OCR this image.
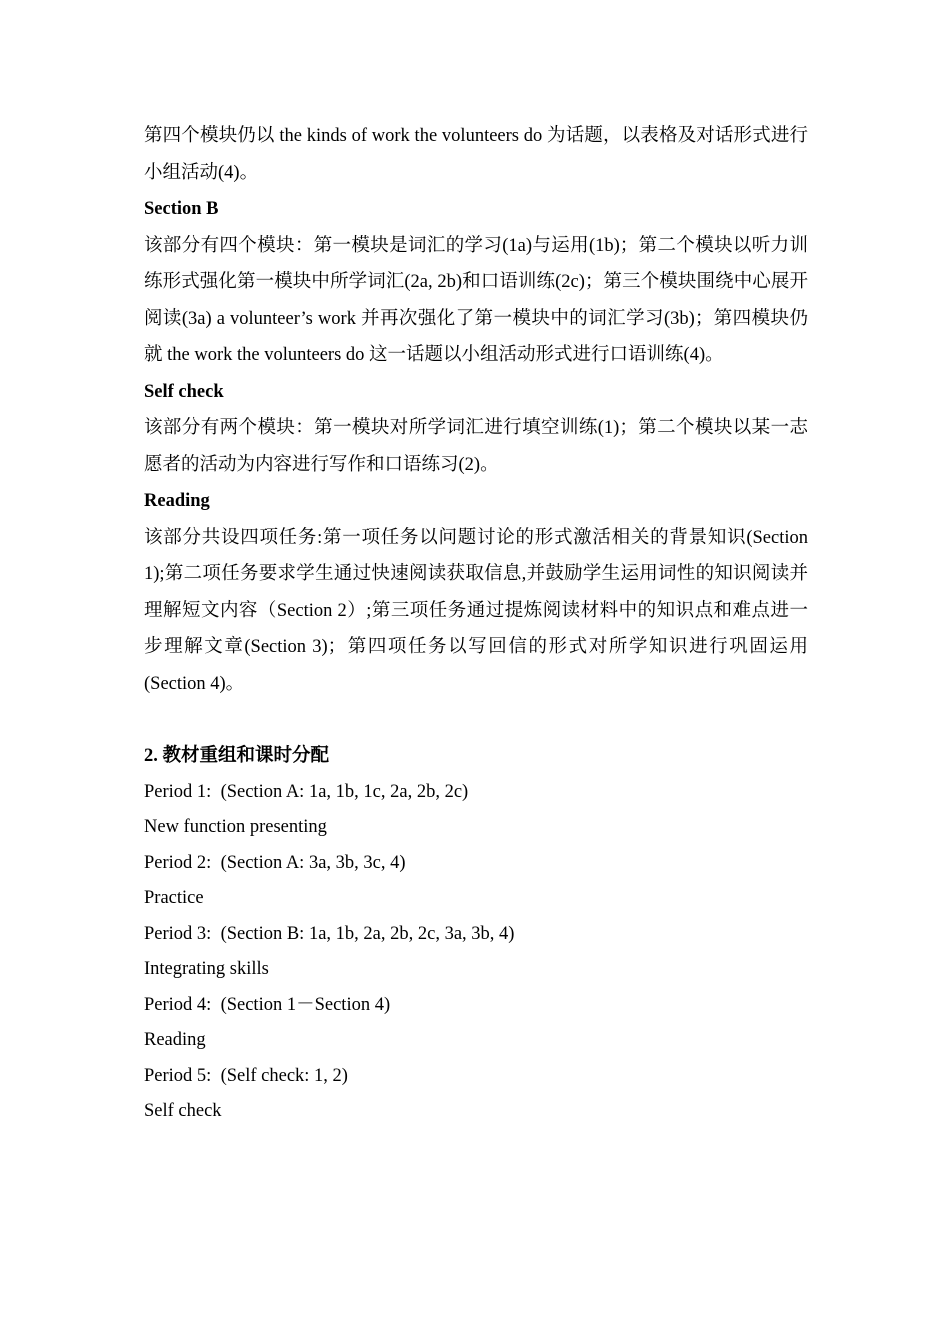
第四个模块仍以 the kinds of work the volunteers do 为话题，以表格及对话形式进行小组活动(4)。

Section B

该部分有四个模块：第一模块是词汇的学习(1a)与运用(1b)；第二个模块以听力训练形式强化第一模块中所学词汇(2a, 2b)和口语训练(2c)；第三个模块围绕中心展开阅读(3a) a volunteer’s work 并再次强化了第一模块中的词汇学习(3b)；第四模块仍就 the work the volunteers do 这一话题以小组活动形式进行口语训练(4)。

Self check

该部分有两个模块：第一模块对所学词汇进行填空训练(1)；第二个模块以某一志愿者的活动为内容进行写作和口语练习(2)。

Reading

该部分共设四项任务:第一项任务以问题讨论的形式激活相关的背景知识(Section 1);第二项任务要求学生通过快速阅读获取信息,并鼓励学生运用词性的知识阅读并理解短文内容（Section 2）;第三项任务通过提炼阅读材料中的知识点和难点进一步理解文章(Section 3)；第四项任务以写回信的形式对所学知识进行巩固运用(Section 4)。

2. 教材重组和课时分配

Period 1:  (Section A: 1a, 1b, 1c, 2a, 2b, 2c)

New function presenting

Period 2:  (Section A: 3a, 3b, 3c, 4)

Practice

Period 3:  (Section B: 1a, 1b, 2a, 2b, 2c, 3a, 3b, 4)

Integrating skills

Period 4:  (Section 1－Section 4)

Reading

Period 5:  (Self check: 1, 2)

Self check
